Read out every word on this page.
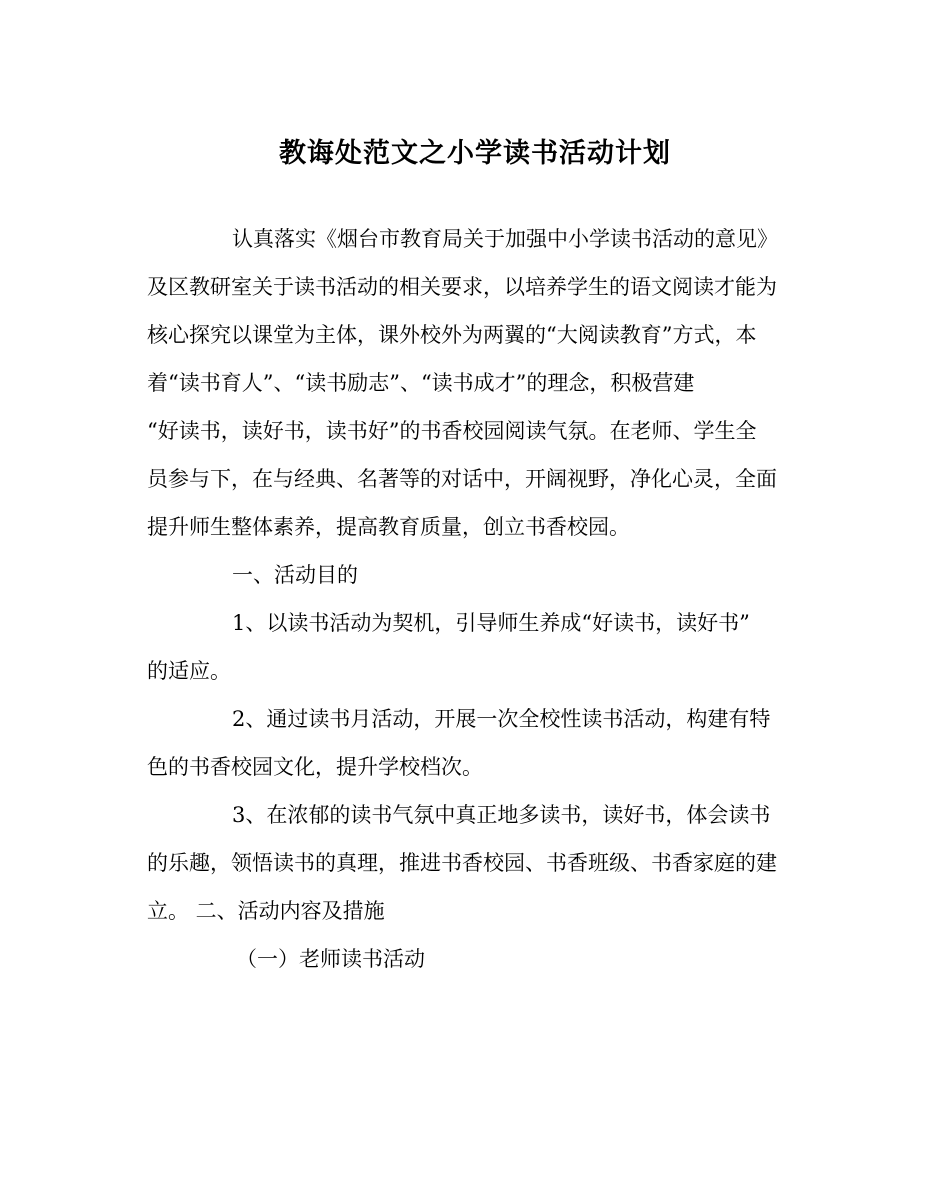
教诲处范文之小学读书活动计划
认真落实《烟台市教育局关于加强中小学读书活动的意见》
及区教研室关于读书活动的相关要求，以培养学生的语文阅读才能为
核心探究以课堂为主体，课外校外为两翼的“大阅读教育”方式，本
着“读书育人”、“读书励志”、“读书成才”的理念，积极营建
“好读书，读好书，读书好”的书香校园阅读气氛。在老师、学生全
员参与下，在与经典、名著等的对话中，开阔视野，净化心灵，全面
提升师生整体素养，提高教育质量，创立书香校园。
一、活动目的
1、以读书活动为契机，引导师生养成“好读书，读好书”
的适应。
2、通过读书月活动，开展一次全校性读书活动，构建有特
色的书香校园文化，提升学校档次。
3、在浓郁的读书气氛中真正地多读书，读好书，体会读书
的乐趣，领悟读书的真理，推进书香校园、书香班级、书香家庭的建
立。 二、活动内容及措施
（一）老师读书活动
